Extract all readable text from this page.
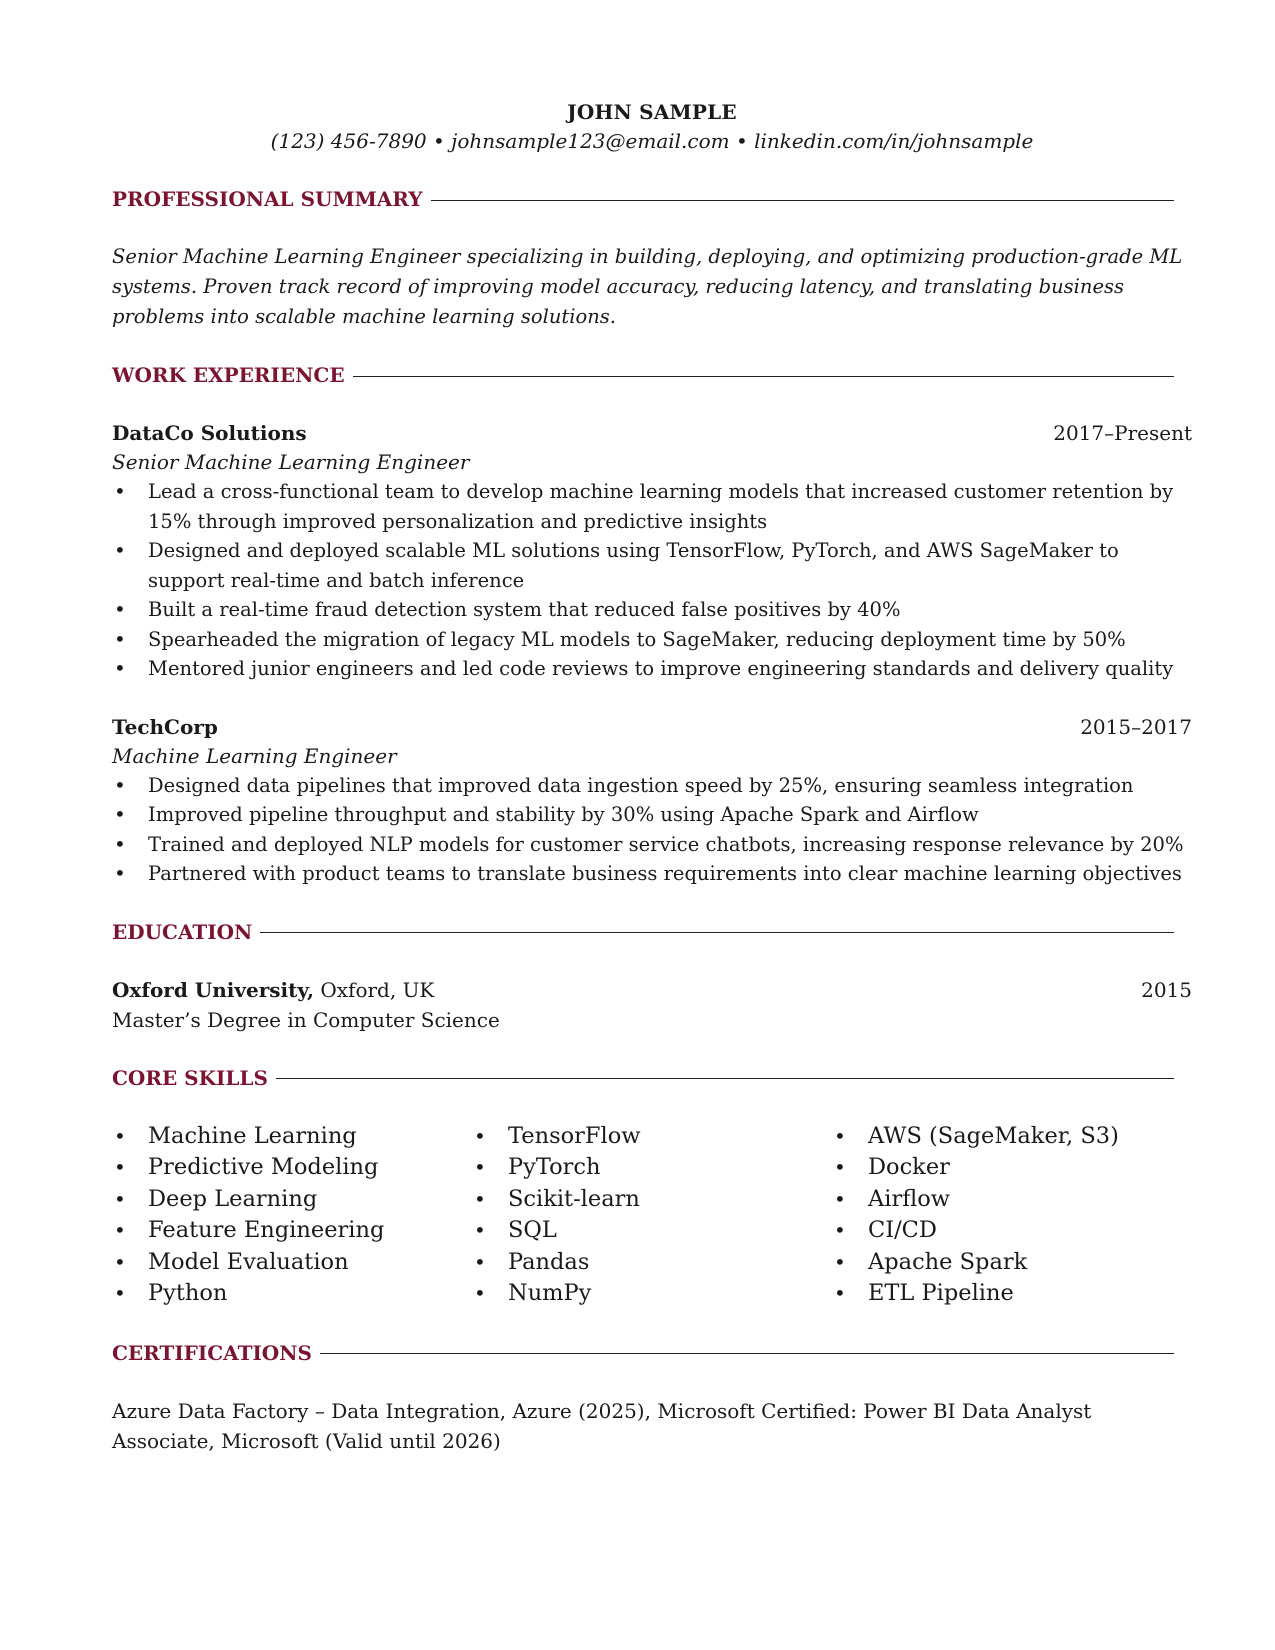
JOHN SAMPLE
(123) 456-7890 • johnsample123@email.com • linkedin.com/in/johnsample
PROFESSIONAL SUMMARY
Senior Machine Learning Engineer specializing in building, deploying, and optimizing production-grade ML systems. Proven track record of improving model accuracy, reducing latency, and translating business problems into scalable machine learning solutions.
WORK EXPERIENCE
DataCo Solutions	2017–Present
Senior Machine Learning Engineer
• Lead a cross-functional team to develop machine learning models that increased customer retention by 15% through improved personalization and predictive insights
• Designed and deployed scalable ML solutions using TensorFlow, PyTorch, and AWS SageMaker to support real-time and batch inference
• Built a real-time fraud detection system that reduced false positives by 40%
• Spearheaded the migration of legacy ML models to SageMaker, reducing deployment time by 50%
• Mentored junior engineers and led code reviews to improve engineering standards and delivery quality
TechCorp	2015–2017
Machine Learning Engineer
• Designed data pipelines that improved data ingestion speed by 25%, ensuring seamless integration
• Improved pipeline throughput and stability by 30% using Apache Spark and Airflow
• Trained and deployed NLP models for customer service chatbots, increasing response relevance by 20%
• Partnered with product teams to translate business requirements into clear machine learning objectives
EDUCATION
Oxford University, Oxford, UK	2015
Master’s Degree in Computer Science
CORE SKILLS
• Machine Learning
• Predictive Modeling
• Deep Learning
• Feature Engineering
• Model Evaluation
• Python
• TensorFlow
• PyTorch
• Scikit-learn
• SQL
• Pandas
• NumPy
• AWS (SageMaker, S3)
• Docker
• Airflow
• CI/CD
• Apache Spark
• ETL Pipeline
CERTIFICATIONS
Azure Data Factory – Data Integration, Azure (2025), Microsoft Certified: Power BI Data Analyst Associate, Microsoft (Valid until 2026)
